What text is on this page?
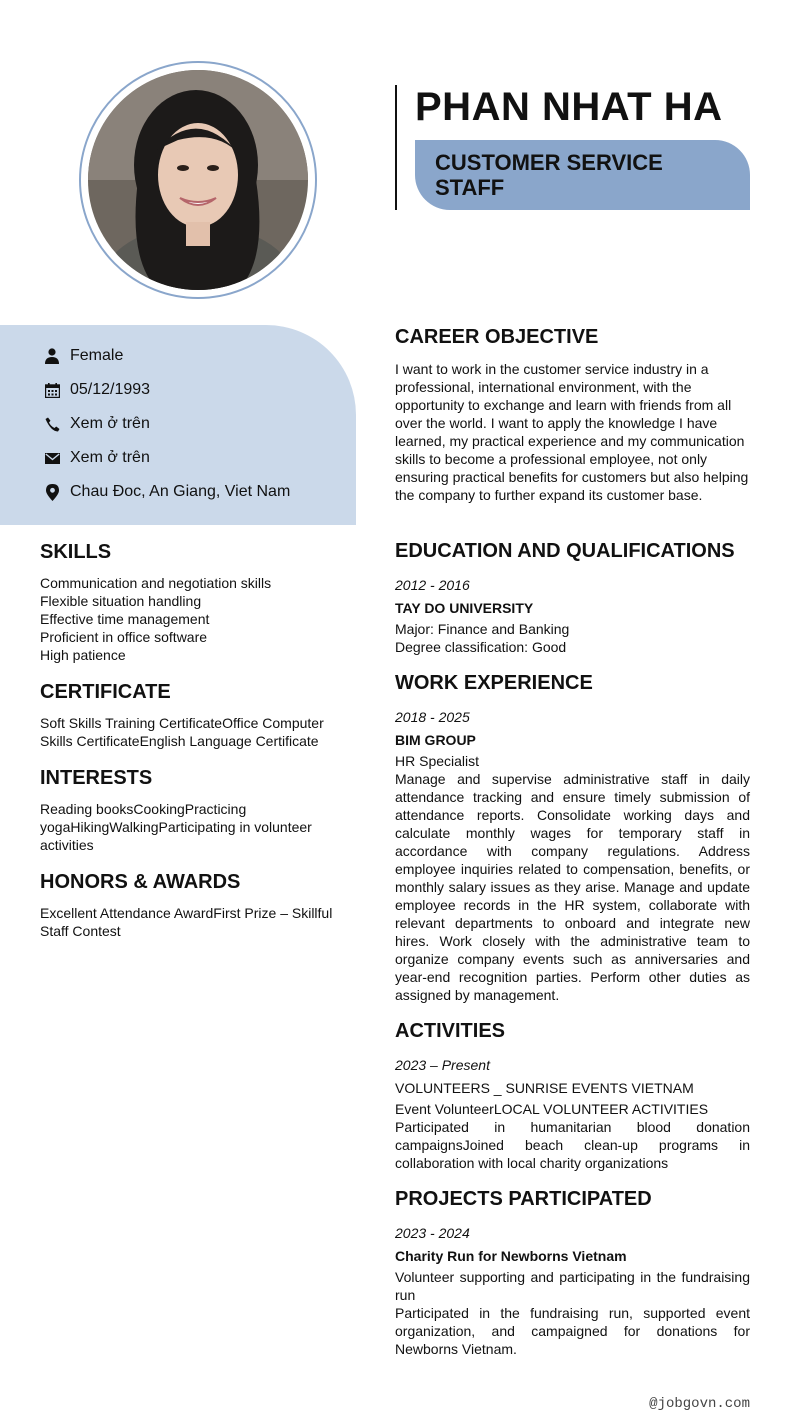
PHAN NHAT HA
CUSTOMER SERVICE STAFF
Female
05/12/1993
Xem ở trên
Xem ở trên
Chau Đoc, An Giang, Viet Nam
SKILLS
Communication and negotiation skills
Flexible situation handling
Effective time management
Proficient in office software
High patience
CERTIFICATE
Soft Skills Training CertificateOffice Computer Skills CertificateEnglish Language Certificate
INTERESTS
Reading booksCookingPracticing yogaHikingWalkingParticipating in volunteer activities
HONORS & AWARDS
Excellent Attendance AwardFirst Prize – Skillful Staff Contest
CAREER OBJECTIVE
I want to work in the customer service industry in a professional, international environment, with the opportunity to exchange and learn with friends from all over the world. I want to apply the knowledge I have learned, my practical experience and my communication skills to become a professional employee, not only ensuring practical benefits for customers but also helping the company to further expand its customer base.
EDUCATION AND QUALIFICATIONS
2012 - 2016
TAY DO UNIVERSITY
Major: Finance and Banking
Degree classification: Good
WORK EXPERIENCE
2018 - 2025
BIM GROUP
HR Specialist
Manage and supervise administrative staff in daily attendance tracking and ensure timely submission of attendance reports. Consolidate working days and calculate monthly wages for temporary staff in accordance with company regulations. Address employee inquiries related to compensation, benefits, or monthly salary issues as they arise. Manage and update employee records in the HR system, collaborate with relevant departments to onboard and integrate new hires. Work closely with the administrative team to organize company events such as anniversaries and year-end recognition parties. Perform other duties as assigned by management.
ACTIVITIES
2023 – Present
VOLUNTEERS _ SUNRISE EVENTS VIETNAM
Event VolunteerLOCAL VOLUNTEER ACTIVITIES
Participated in humanitarian blood donation campaignsJoined beach clean-up programs in collaboration with local charity organizations
PROJECTS PARTICIPATED
2023 - 2024
Charity Run for Newborns Vietnam
Volunteer supporting and participating in the fundraising run
Participated in the fundraising run, supported event organization, and campaigned for donations for Newborns Vietnam.
@jobgovn.com
